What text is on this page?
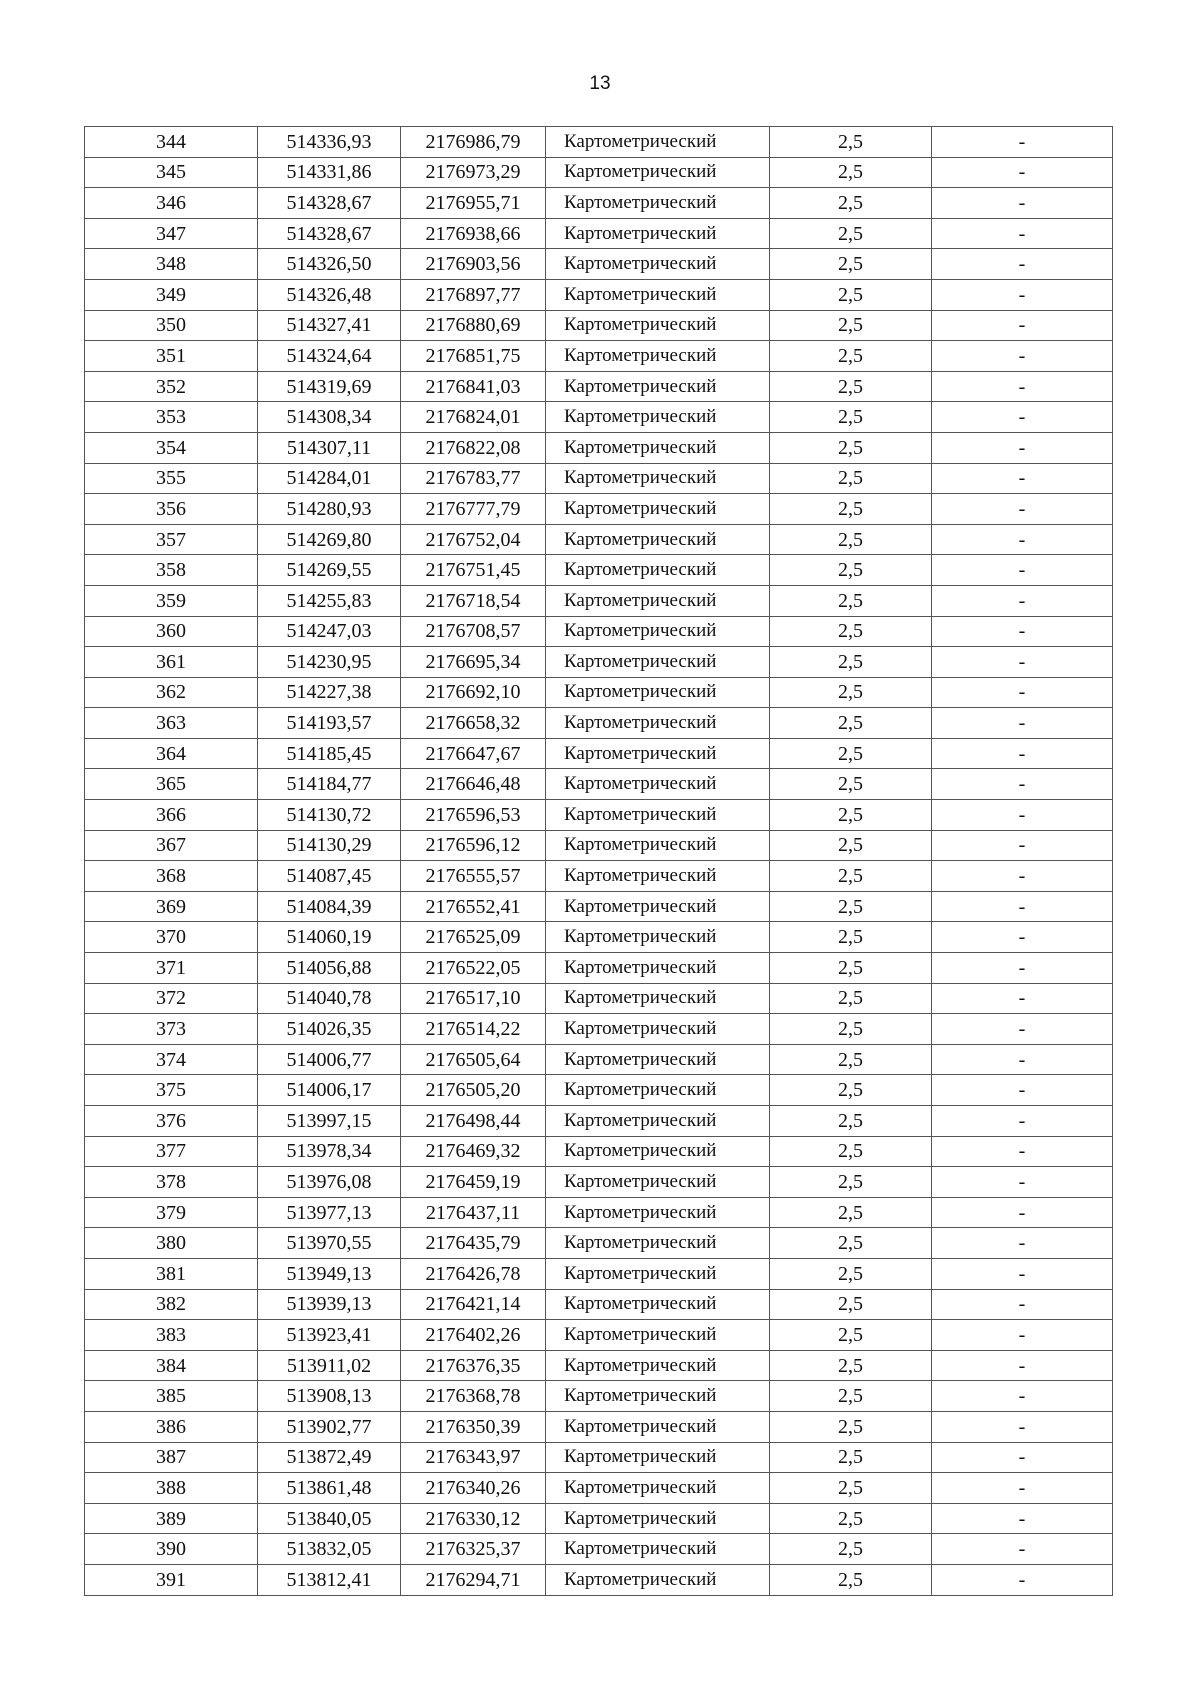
13
344	514336,93	2176986,79	Картометрический	2,5	-
345	514331,86	2176973,29	Картометрический	2,5	-
346	514328,67	2176955,71	Картометрический	2,5	-
347	514328,67	2176938,66	Картометрический	2,5	-
348	514326,50	2176903,56	Картометрический	2,5	-
349	514326,48	2176897,77	Картометрический	2,5	-
350	514327,41	2176880,69	Картометрический	2,5	-
351	514324,64	2176851,75	Картометрический	2,5	-
352	514319,69	2176841,03	Картометрический	2,5	-
353	514308,34	2176824,01	Картометрический	2,5	-
354	514307,11	2176822,08	Картометрический	2,5	-
355	514284,01	2176783,77	Картометрический	2,5	-
356	514280,93	2176777,79	Картометрический	2,5	-
357	514269,80	2176752,04	Картометрический	2,5	-
358	514269,55	2176751,45	Картометрический	2,5	-
359	514255,83	2176718,54	Картометрический	2,5	-
360	514247,03	2176708,57	Картометрический	2,5	-
361	514230,95	2176695,34	Картометрический	2,5	-
362	514227,38	2176692,10	Картометрический	2,5	-
363	514193,57	2176658,32	Картометрический	2,5	-
364	514185,45	2176647,67	Картометрический	2,5	-
365	514184,77	2176646,48	Картометрический	2,5	-
366	514130,72	2176596,53	Картометрический	2,5	-
367	514130,29	2176596,12	Картометрический	2,5	-
368	514087,45	2176555,57	Картометрический	2,5	-
369	514084,39	2176552,41	Картометрический	2,5	-
370	514060,19	2176525,09	Картометрический	2,5	-
371	514056,88	2176522,05	Картометрический	2,5	-
372	514040,78	2176517,10	Картометрический	2,5	-
373	514026,35	2176514,22	Картометрический	2,5	-
374	514006,77	2176505,64	Картометрический	2,5	-
375	514006,17	2176505,20	Картометрический	2,5	-
376	513997,15	2176498,44	Картометрический	2,5	-
377	513978,34	2176469,32	Картометрический	2,5	-
378	513976,08	2176459,19	Картометрический	2,5	-
379	513977,13	2176437,11	Картометрический	2,5	-
380	513970,55	2176435,79	Картометрический	2,5	-
381	513949,13	2176426,78	Картометрический	2,5	-
382	513939,13	2176421,14	Картометрический	2,5	-
383	513923,41	2176402,26	Картометрический	2,5	-
384	513911,02	2176376,35	Картометрический	2,5	-
385	513908,13	2176368,78	Картометрический	2,5	-
386	513902,77	2176350,39	Картометрический	2,5	-
387	513872,49	2176343,97	Картометрический	2,5	-
388	513861,48	2176340,26	Картометрический	2,5	-
389	513840,05	2176330,12	Картометрический	2,5	-
390	513832,05	2176325,37	Картометрический	2,5	-
391	513812,41	2176294,71	Картометрический	2,5	-
